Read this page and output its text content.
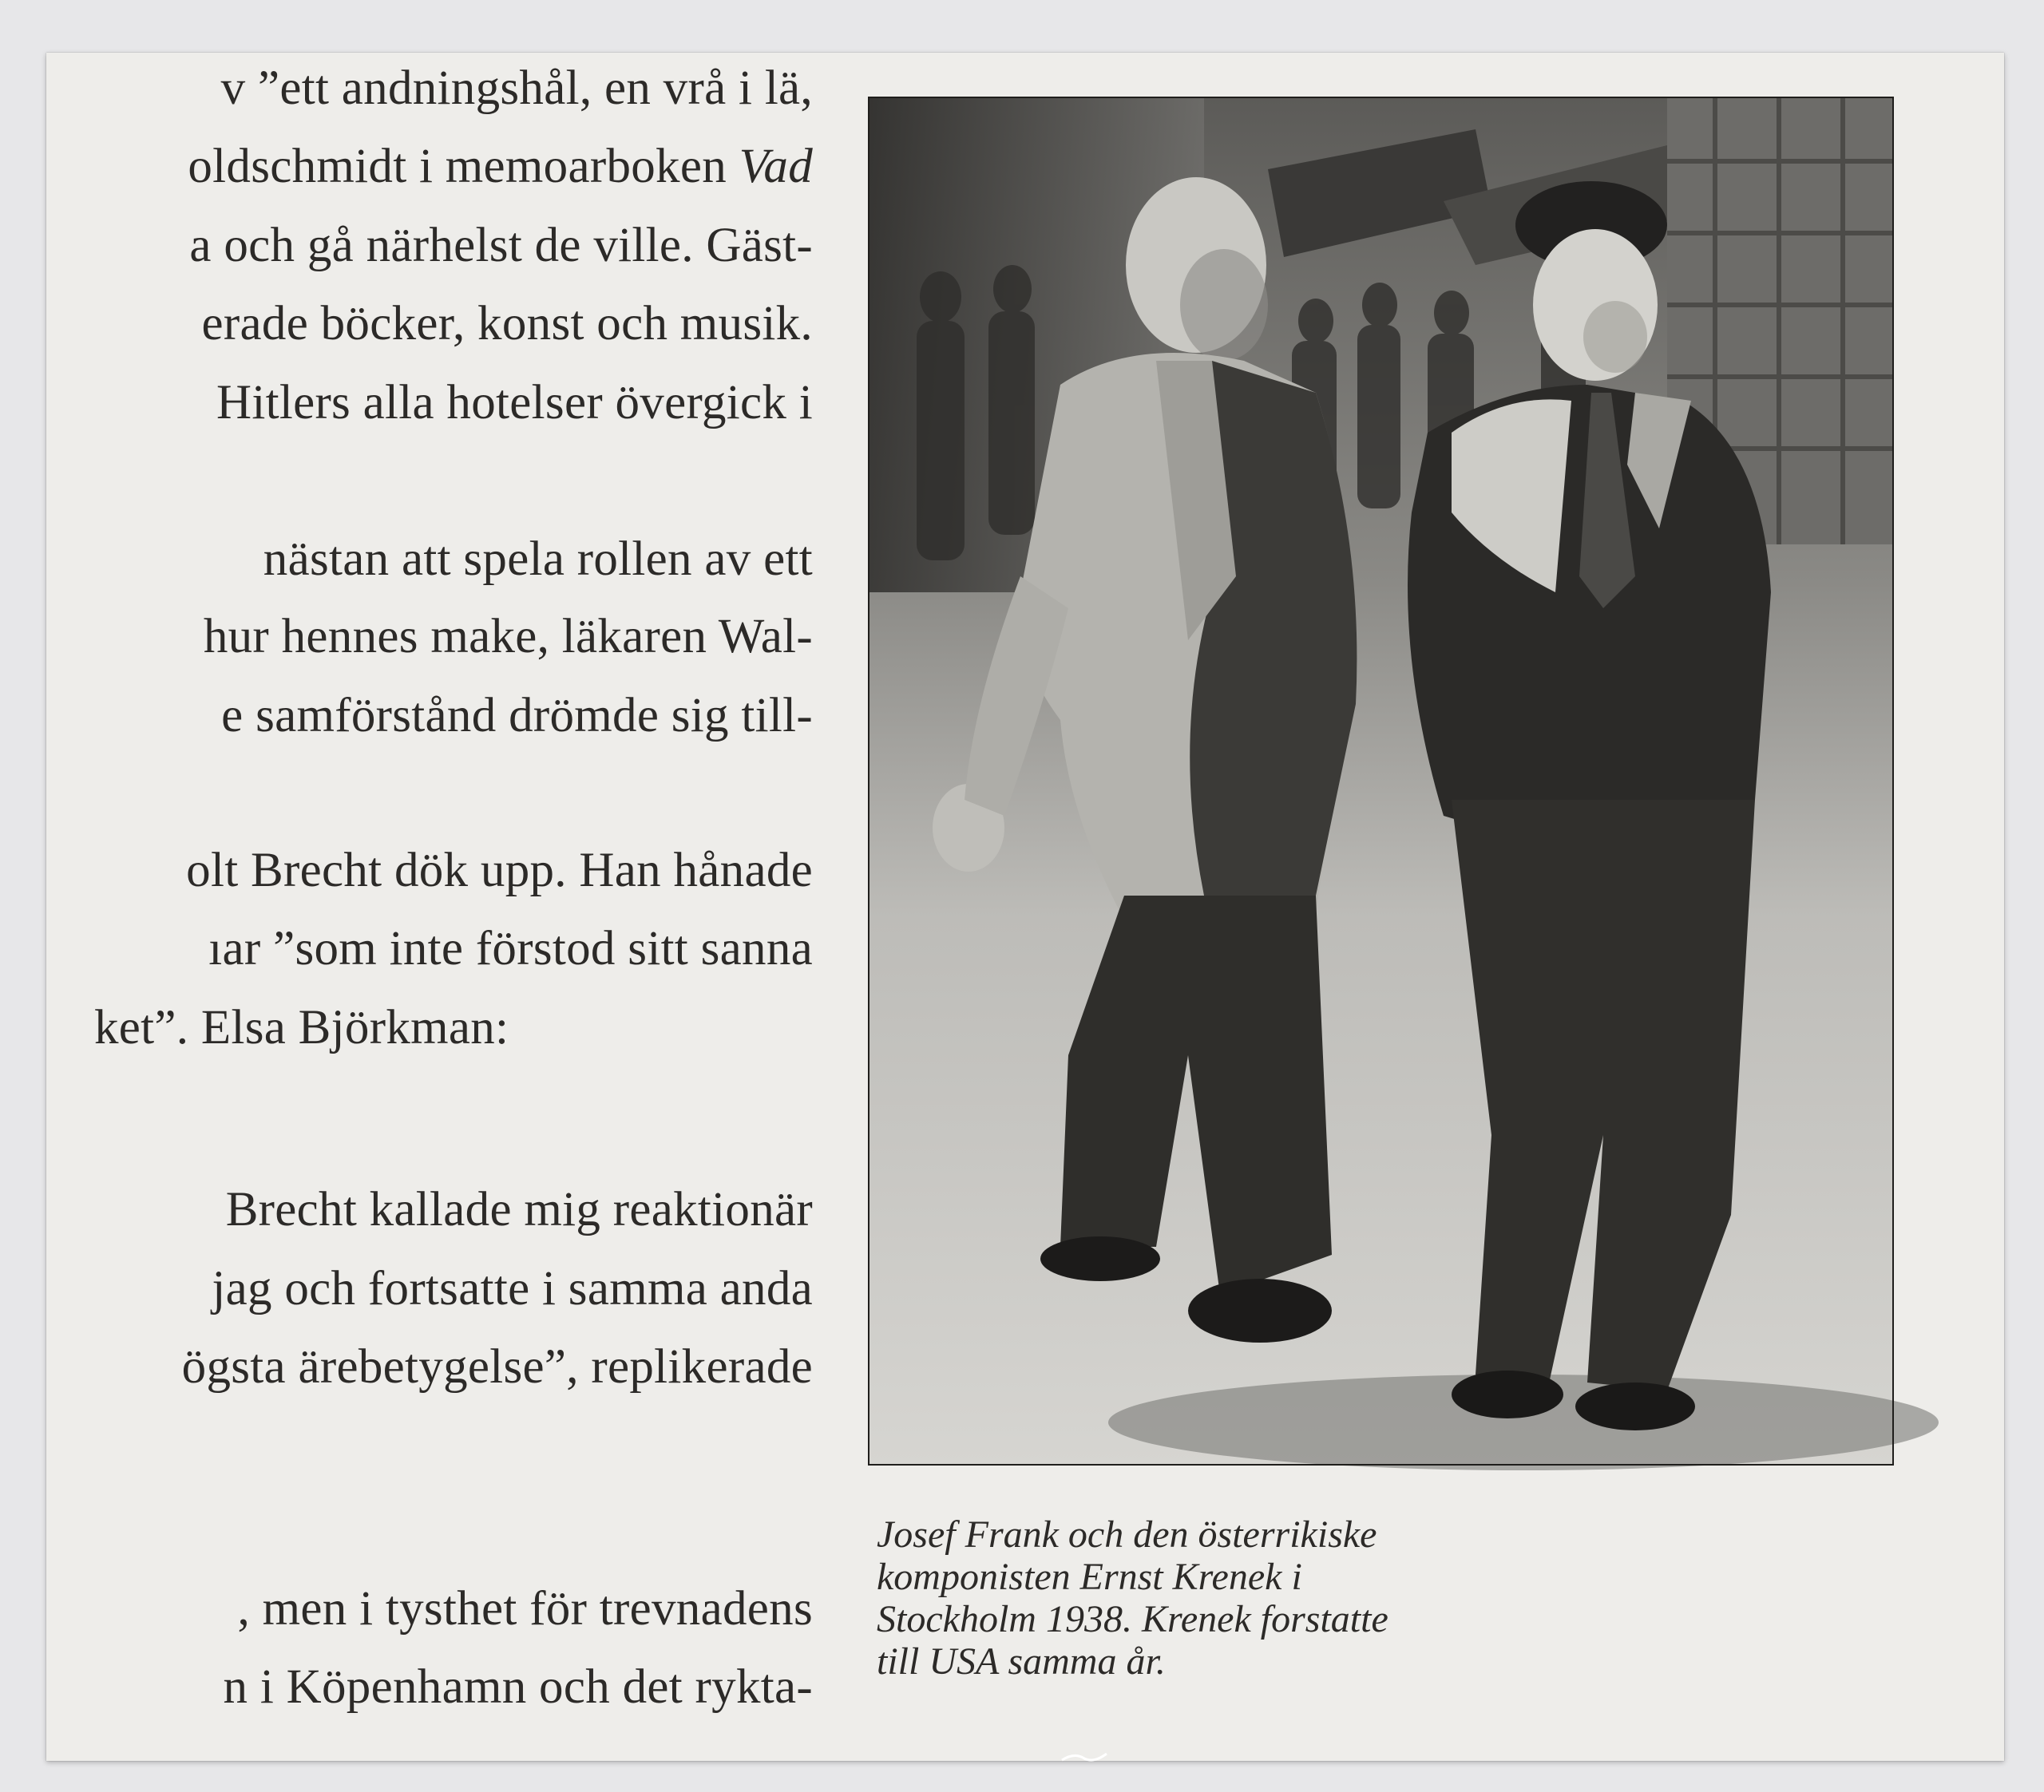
v ”ett andningshål, en vrå i lä,
oldschmidt i memoarboken Vad
a och gå närhelst de ville. Gäst-
erade böcker, konst och musik.
Hitlers alla hotelser övergick i
nästan att spela rollen av ett
hur hennes make, läkaren Wal-
e samförstånd drömde sig till-
olt Brecht dök upp. Han hånade
ıar ”som inte förstod sitt sanna
ket”. Elsa Björkman:
Brecht kallade mig reaktionär
jag och fortsatte i samma anda
ögsta ärebetygelse”, replikerade
, men i tysthet för trevnadens
n i Köpenhamn och det rykta-
Josef Frank och den österrikiske
komponisten Ernst Krenek i
Stockholm 1938. Krenek forstatte
till USA samma år.
